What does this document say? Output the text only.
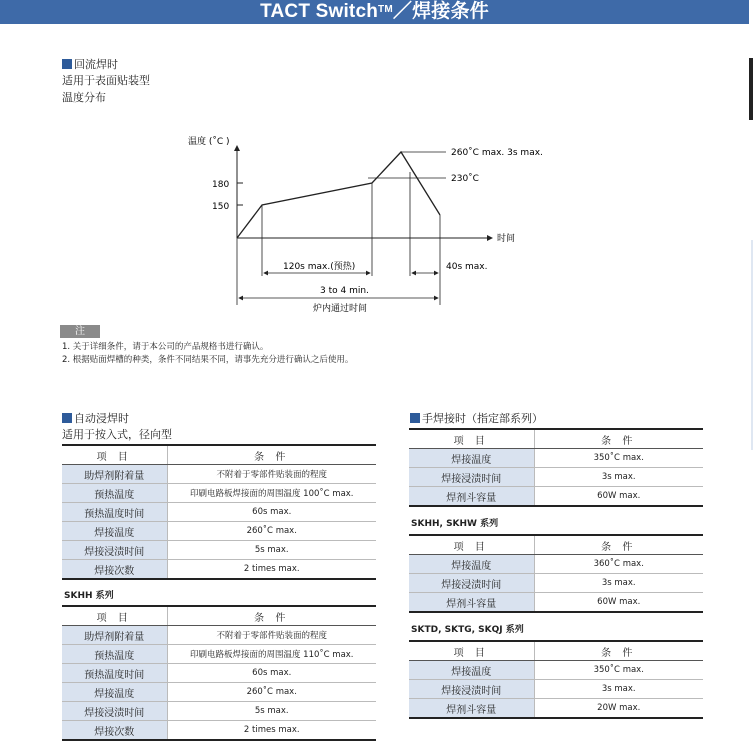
TACT Switch™／焊接条件
回流焊时
适用于表面贴装型
温度分布
温度 (˚C )
时间
180
150
260˚C max. 3s max.
230˚C
120s max.(预热)	40s max.
3 to 4 min.
炉内通过时间
注
1. 关于详细条件，请于本公司的产品规格书进行确认。
2. 根据贴面焊槽的种类，条件不同结果不同，请事先充分进行确认之后使用。
自动浸焊时
适用于按入式，径向型
项 目	条 件
助焊剂附着量	不附着于零部件贴装面的程度
预热温度	印刷电路板焊接面的周围温度 100˚C max.
预热温度时间	60s max.
焊接温度	260˚C max.
焊接浸渍时间	5s max.
焊接次数	2 times max.
SKHH 系列
项 目	条 件
助焊剂附着量	不附着于零部件贴装面的程度
预热温度	印刷电路板焊接面的周围温度 110˚C max.
预热温度时间	60s max.
焊接温度	260˚C max.
焊接浸渍时间	5s max.
焊接次数	2 times max.
手焊接时（指定部系列）
项 目	条 件
焊接温度	350˚C max.
焊接浸渍时间	3s max.
焊剂斗容量	60W max.
SKHH, SKHW 系列
项 目	条 件
焊接温度	360˚C max.
焊接浸渍时间	3s max.
焊剂斗容量	60W max.
SKTD, SKTG, SKQJ 系列
项 目	条 件
焊接温度	350˚C max.
焊接浸渍时间	3s max.
焊剂斗容量	20W max.
